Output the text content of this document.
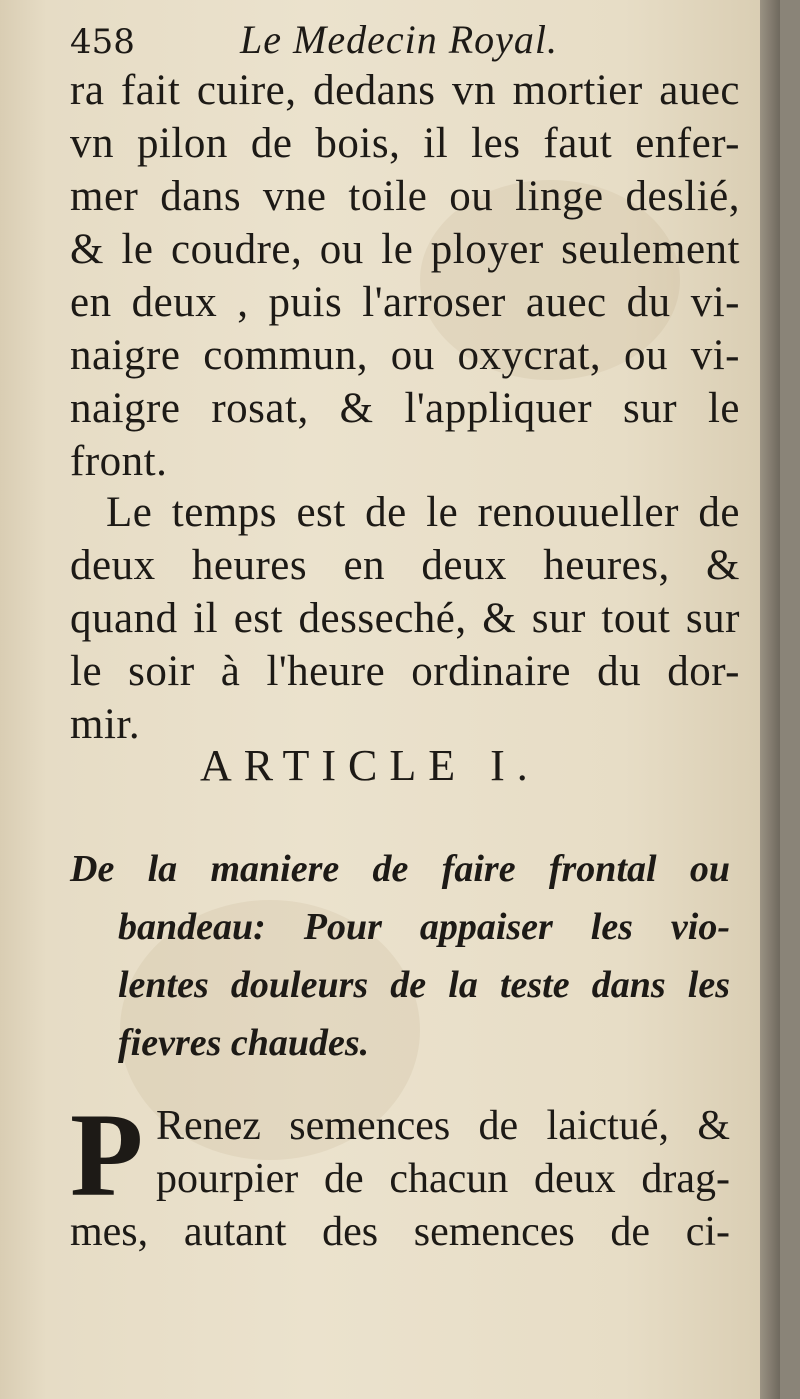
458	Le Medecin Royal.
ra fait cuire, dedans vn mortier auec
vn pilon de bois, il les faut enfer-
mer dans vne toile ou linge deslié,
& le coudre, ou le ployer seulement
en deux , puis l'arroser auec du vi-
naigre commun, ou oxycrat, ou vi-
naigre rosat, & l'appliquer sur le
front.
Le temps est de le renouueller de
deux heures en deux heures, &
quand il est desseché, & sur tout sur
le soir à l'heure ordinaire du dor-
mir.
ARTICLE I.
De la maniere de faire frontal ou
bandeau: Pour appaiser les vio-
lentes douleurs de la teste dans les
fievres chaudes.
P Renez semences de laictué, &
pourpier de chacun deux drag-
mes, autant des semences de ci-
